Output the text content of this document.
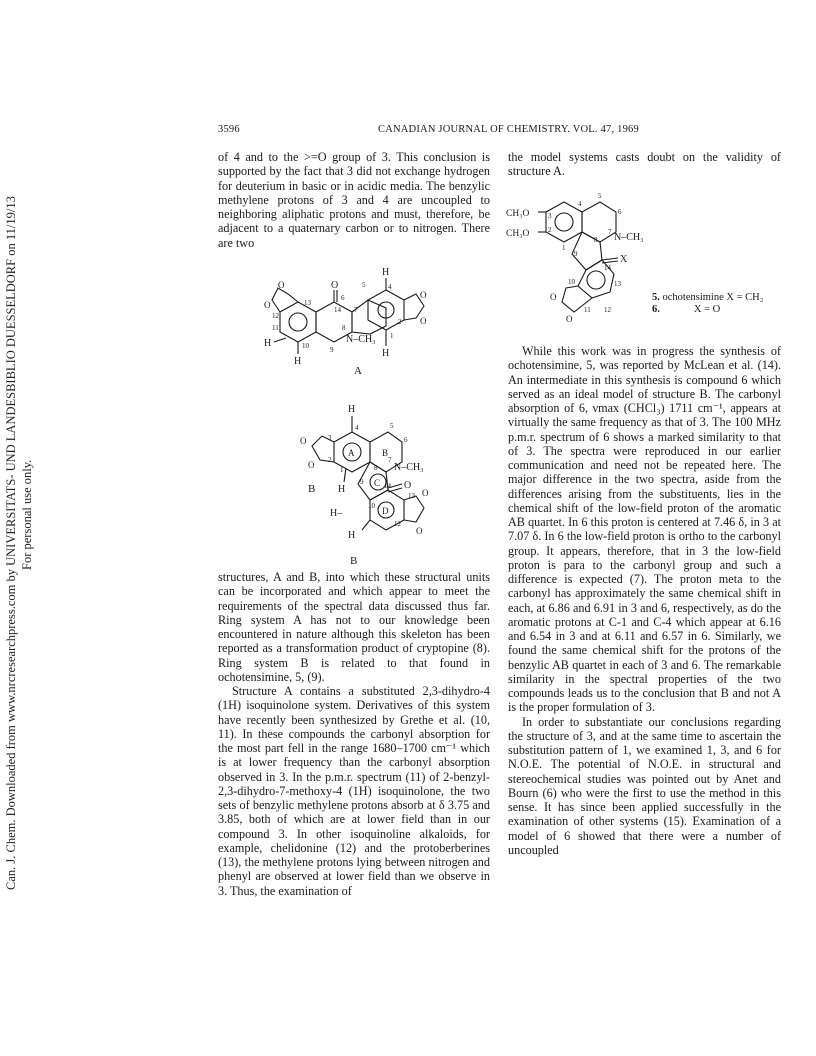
Can. J. Chem. Downloaded from www.nrcresearchpress.com by UNIVERSITATS- UND LANDESBIBLIO DUESSELDORF on 11/19/13 For personal use only.
3596	CANADIAN JOURNAL OF CHEMISTRY. VOL. 47, 1969

of 4 and to the >=O group of 3. This conclusion is supported by the fact that 3 did not exchange hydrogen for deuterium in basic or in acidic media. The benzylic methylene protons of 3 and 4 are uncoupled to neighboring aliphatic protons and must, therefore, be adjacent to a quaternary carbon or to nitrogen. There are two

H
5	4
O
6
7
14
13
12
11
10	9
8
1
2
N–CH₃
O
O
O
O
H
H
H
A
H
5
4
3	6
2	7
8
9	14
13
10
12
1
A	B
C
D
N–CH₃
O
O
O
O
O
H
H–
H
B
B

structures, A and B, into which these structural units can be incorporated and which appear to meet the requirements of the spectral data discussed thus far. Ring system A has not to our knowledge been encountered in nature although this skeleton has been reported as a transformation product of cryptopine (8). Ring system B is related to that found in ochotensimine, 5, (9).

Structure A contains a substituted 2,3-dihydro-4 (1H) isoquinolone system. Derivatives of this system have recently been synthesized by Grethe et al. (10, 11). In these compounds the carbonyl absorption for the most part fell in the range 1680–1700 cm⁻¹ which is at lower frequency than the carbonyl absorption observed in 3. In the p.m.r. spectrum (11) of 2-benzyl-2,3-dihydro-7-methoxy-4 (1H) isoquinolone, the two sets of benzylic methylene protons absorb at δ 3.75 and 3.85, both of which are at lower field than in our compound 3. In other isoquinoline alkaloids, for example, chelidonine (12) and the protoberberines (13), the methylene protons lying between nitrogen and phenyl are observed at lower field than we observe in 3. Thus, the examination of

the model systems casts doubt on the validity of structure A.

4
5
3	6
2	7
8
1
9
14
13
10
11 12
CH₃O
CH₃O	N–CH₃
X
O
O
5. ochotensimine X = CH₂
6.	X = O

While this work was in progress the synthesis of ochotensimine, 5, was reported by McLean et al. (14). An intermediate in this synthesis is compound 6 which served as an ideal model of structure B. The carbonyl absorption of 6, νmax (CHCl₃) 1711 cm⁻¹, appears at virtually the same frequency as that of 3. The 100 MHz p.m.r. spectrum of 6 shows a marked similarity to that of 3. The spectra were reproduced in our earlier communication and need not be repeated here. The major difference in the two spectra, aside from the differences arising from the substituents, lies in the chemical shift of the low-field proton of the aromatic AB quartet. In 6 this proton is centered at 7.46 δ, in 3 at 7.07 δ. In 6 the low-field proton is ortho to the carbonyl group. It appears, therefore, that in 3 the low-field proton is para to the carbonyl group and such a difference is expected (7). The proton meta to the carbonyl has approximately the same chemical shift in each, at 6.86 and 6.91 in 3 and 6, respectively, as do the aromatic protons at C-1 and C-4 which appear at 6.16 and 6.54 in 3 and at 6.11 and 6.57 in 6. Similarly, we found the same chemical shift for the protons of the benzylic AB quartet in each of 3 and 6. The remarkable similarity in the spectral properties of the two compounds leads us to the conclusion that B and not A is the proper formulation of 3.

In order to substantiate our conclusions regarding the structure of 3, and at the same time to ascertain the substitution pattern of 1, we examined 1, 3, and 6 for N.O.E. The potential of N.O.E. in structural and stereochemical studies was pointed out by Anet and Bourn (6) who were the first to use the method in this sense. It has since been applied successfully in the examination of other systems (15). Examination of a model of 6 showed that there were a number of uncoupled
